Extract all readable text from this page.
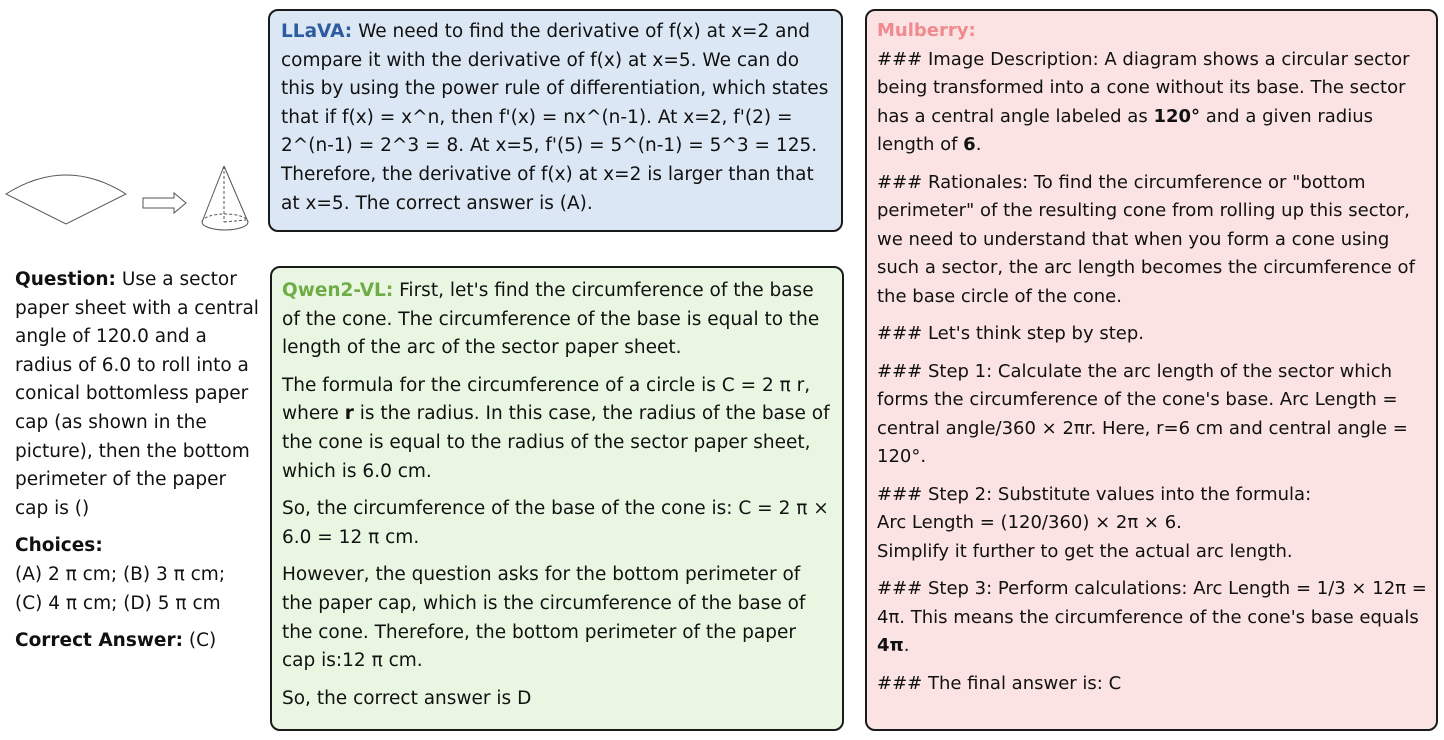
Question: Use a sector paper sheet with a central angle of 120.0 and a radius of 6.0 to roll into a conical bottomless paper cap (as shown in the picture), then the bottom perimeter of the paper cap is ()

Choices:
(A) 2 π cm; (B) 3 π cm;
(C) 4 π cm; (D) 5 π cm

Correct Answer: (C)

LLaVA: We need to find the derivative of f(x) at x=2 and compare it with the derivative of f(x) at x=5. We can do this by using the power rule of differentiation, which states that if f(x) = x^n, then f'(x) = nx^(n-1). At x=2, f'(2) = 2^(n-1) = 2^3 = 8. At x=5, f'(5) = 5^(n-1) = 5^3 = 125. Therefore, the derivative of f(x) at x=2 is larger than that at x=5. The correct answer is (A).

Qwen2-VL: First, let's find the circumference of the base of the cone. The circumference of the base is equal to the length of the arc of the sector paper sheet.

The formula for the circumference of a circle is C = 2 π r, where r is the radius. In this case, the radius of the base of the cone is equal to the radius of the sector paper sheet, which is 6.0 cm.

So, the circumference of the base of the cone is: C = 2 π × 6.0 = 12 π cm.

However, the question asks for the bottom perimeter of the paper cap, which is the circumference of the base of the cone. Therefore, the bottom perimeter of the paper cap is:12 π cm.

So, the correct answer is D

Mulberry:

### Image Description: A diagram shows a circular sector being transformed into a cone without its base. The sector has a central angle labeled as 120° and a given radius length of 6.

### Rationales: To find the circumference or "bottom perimeter" of the resulting cone from rolling up this sector, we need to understand that when you form a cone using such a sector, the arc length becomes the circumference of the base circle of the cone.

### Let's think step by step.

### Step 1: Calculate the arc length of the sector which forms the circumference of the cone's base. Arc Length = central angle/360 × 2πr. Here, r=6 cm and central angle = 120°.

### Step 2: Substitute values into the formula:
Arc Length = (120/360) × 2π × 6.
Simplify it further to get the actual arc length.

### Step 3: Perform calculations: Arc Length = 1/3 × 12π = 4π. This means the circumference of the cone's base equals 4π.

### The final answer is: C
